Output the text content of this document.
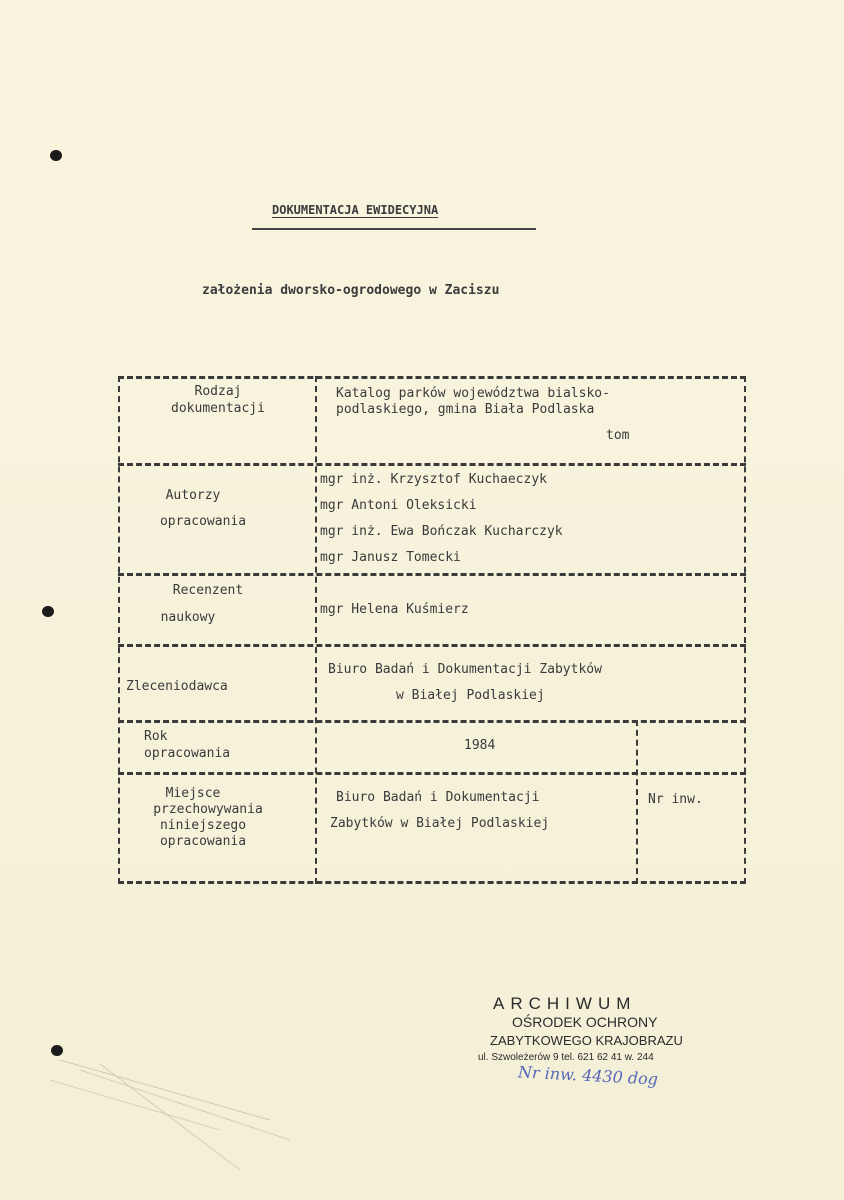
DOKUMENTACJA EWIDECYJNA
założenia dworsko-ogrodowego w Zaciszu
Rodzaj
dokumentacji
Katalog parków województwa bialsko-
podlaskiego, gmina Biała Podlaska
tom
Autorzy
opracowania
mgr inż. Krzysztof Kuchaeczyk
mgr Antoni Oleksicki
mgr inż. Ewa Bończak Kucharczyk
mgr Janusz Tomecki
Recenzent
naukowy
mgr Helena Kuśmierz
Zleceniodawca
Biuro Badań i Dokumentacji Zabytków
w Białej Podlaskiej
Rok
opracowania
1984
Miejsce
przechowywania
niniejszego
opracowania
Biuro Badań i Dokumentacji
Zabytków w Białej Podlaskiej
Nr inw.
ARCHIWUM
OŚRODEK OCHRONY
ZABYTKOWEGO KRAJOBRAZU
ul. Szwoleżerów 9 tel. 621 62 41 w. 244
Nr inw. 4430 dog
